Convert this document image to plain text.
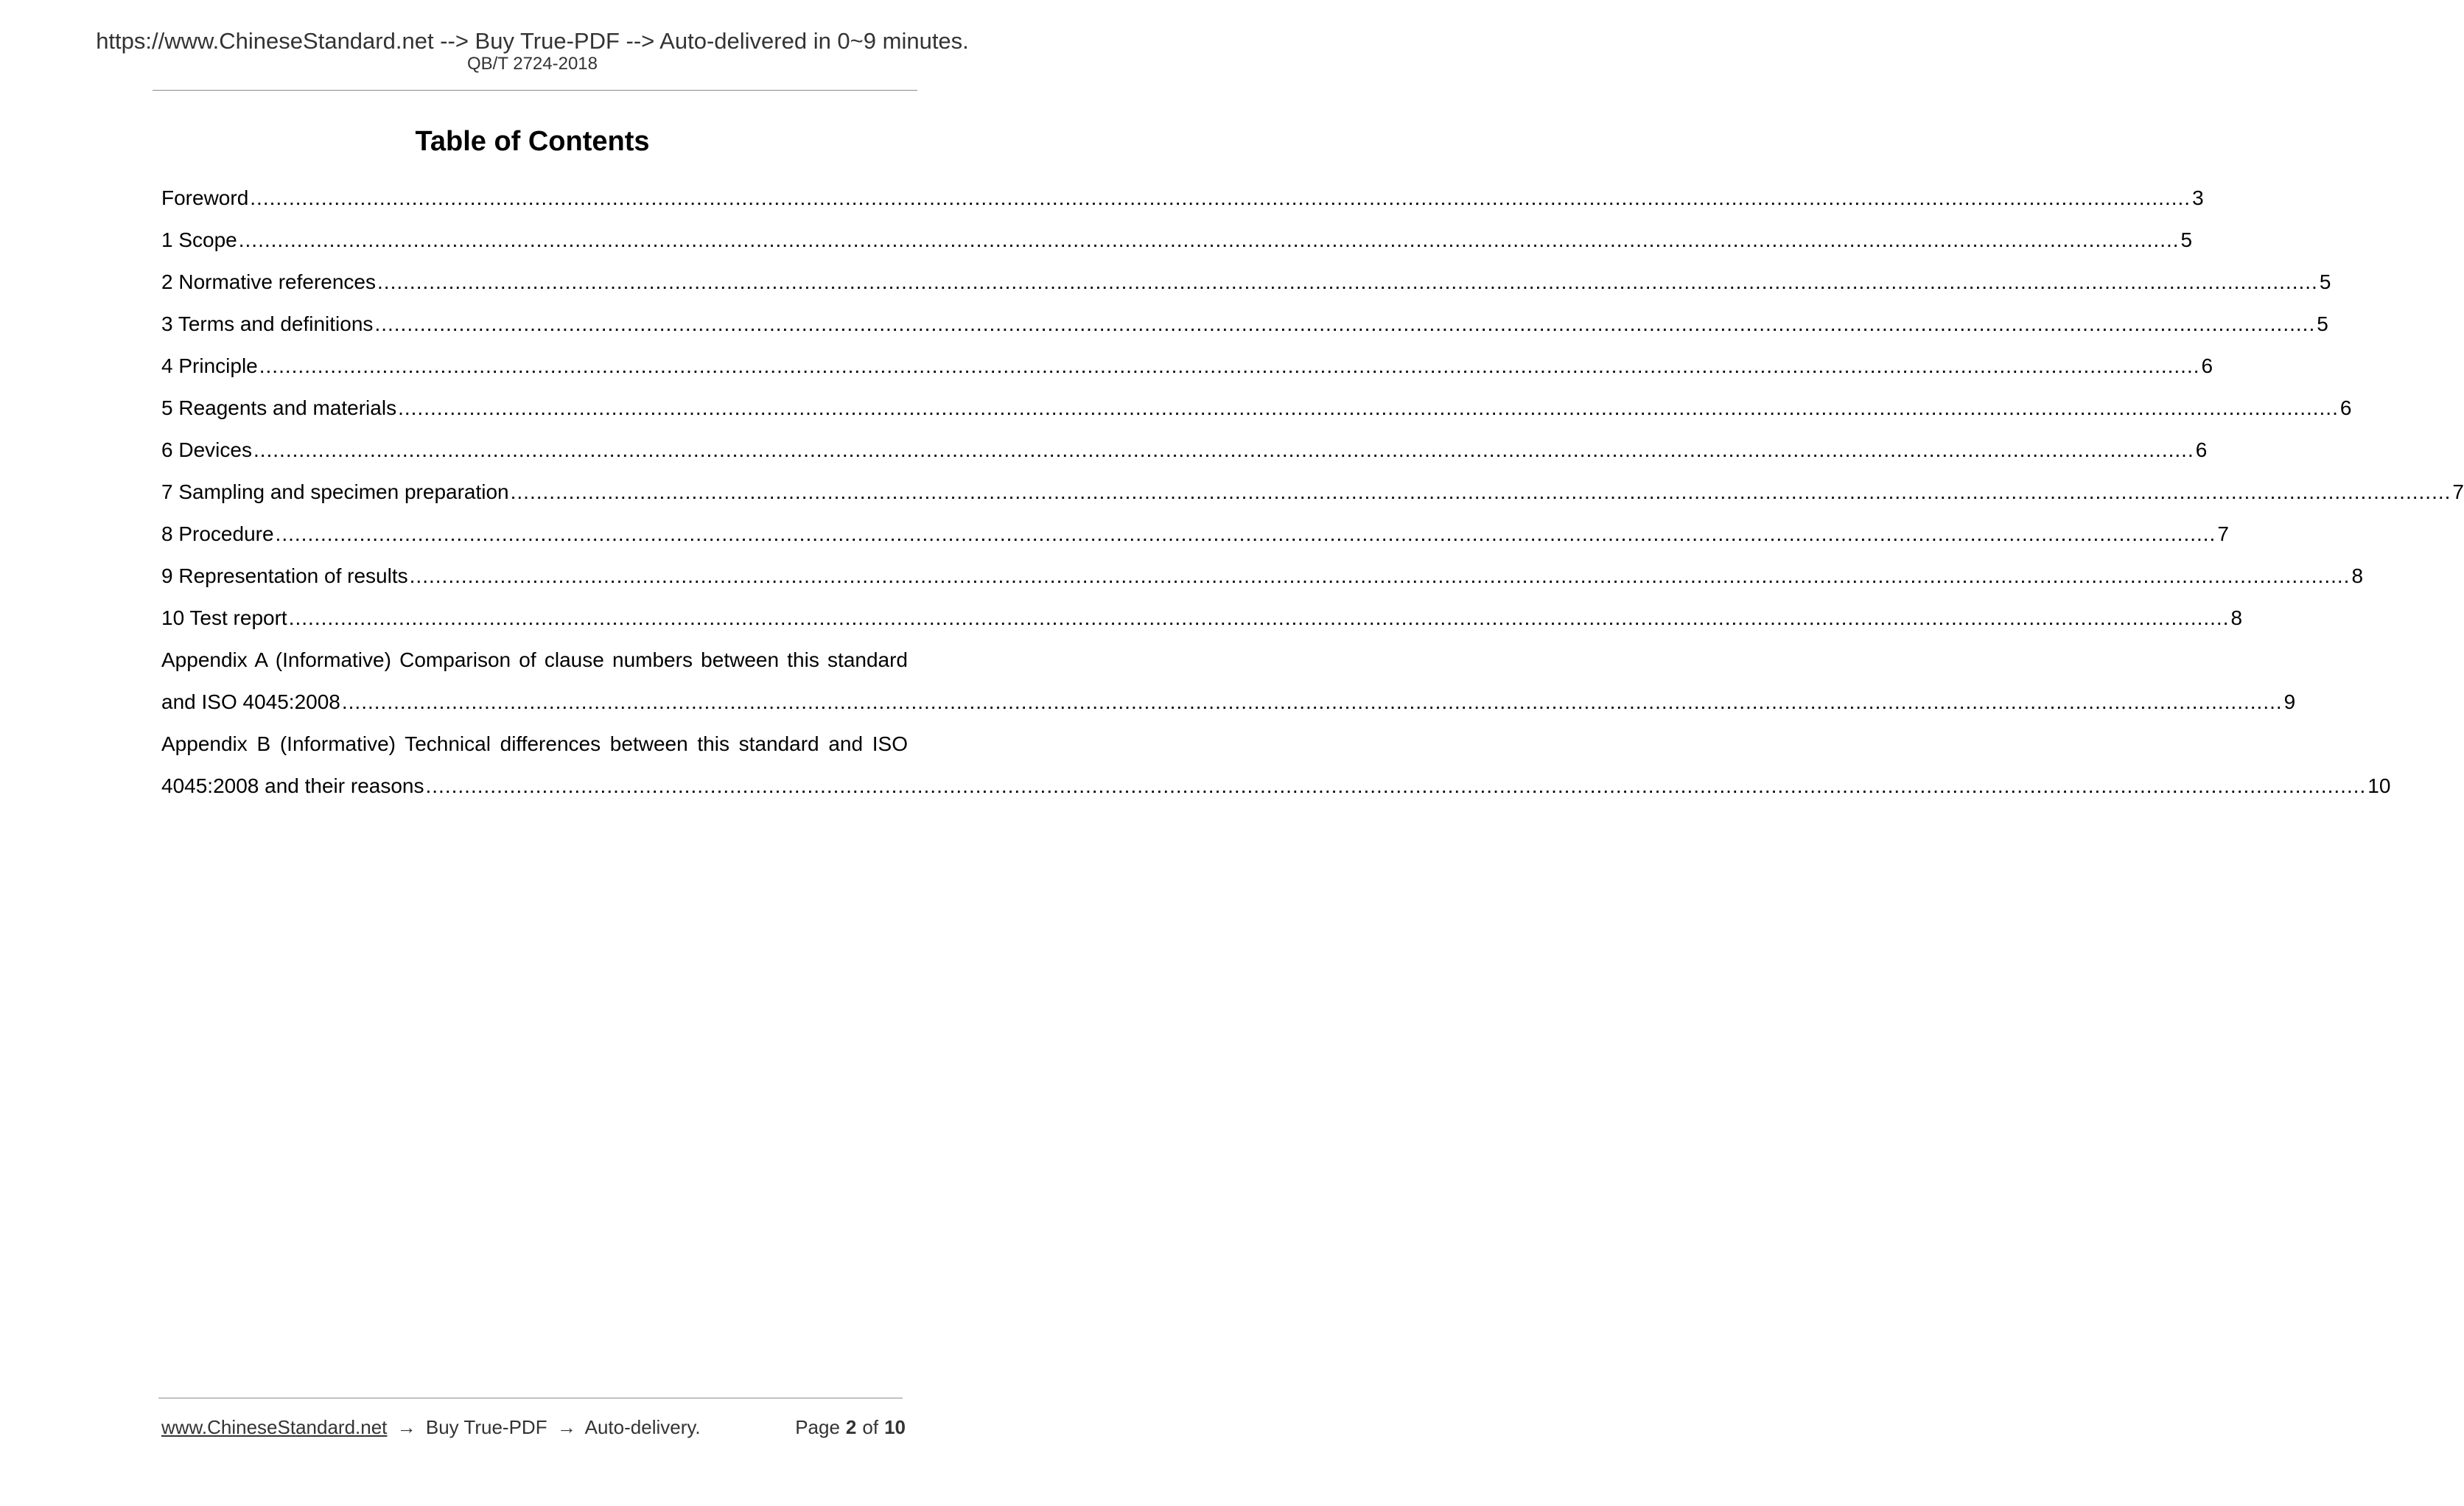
https://www.ChineseStandard.net --> Buy True-PDF --> Auto-delivered in 0~9 minutes.
QB/T 2724-2018
Table of Contents
Foreword ............................................................................................................................................................................................................................................................................................................ 3
1 Scope ............................................................................................................................................................................................................................................................................................................ 5
2 Normative references ............................................................................................................................................................................................................................................................................................................ 5
3 Terms and definitions ............................................................................................................................................................................................................................................................................................................ 5
4 Principle ............................................................................................................................................................................................................................................................................................................ 6
5 Reagents and materials ............................................................................................................................................................................................................................................................................................................ 6
6 Devices ............................................................................................................................................................................................................................................................................................................ 6
7 Sampling and specimen preparation ............................................................................................................................................................................................................................................................................................................ 7
8 Procedure ............................................................................................................................................................................................................................................................................................................ 7
9 Representation of results ............................................................................................................................................................................................................................................................................................................ 8
10 Test report ............................................................................................................................................................................................................................................................................................................ 8
Appendix A (Informative) Comparison of clause numbers between this standard
and ISO 4045:2008 ............................................................................................................................................................................................................................................................................................................ 9
Appendix B (Informative) Technical differences between this standard and ISO
4045:2008 and their reasons ............................................................................................................................................................................................................................................................................................................ 10
www.ChineseStandard.net → Buy True-PDF → Auto-delivery.	Page 2 of 10
